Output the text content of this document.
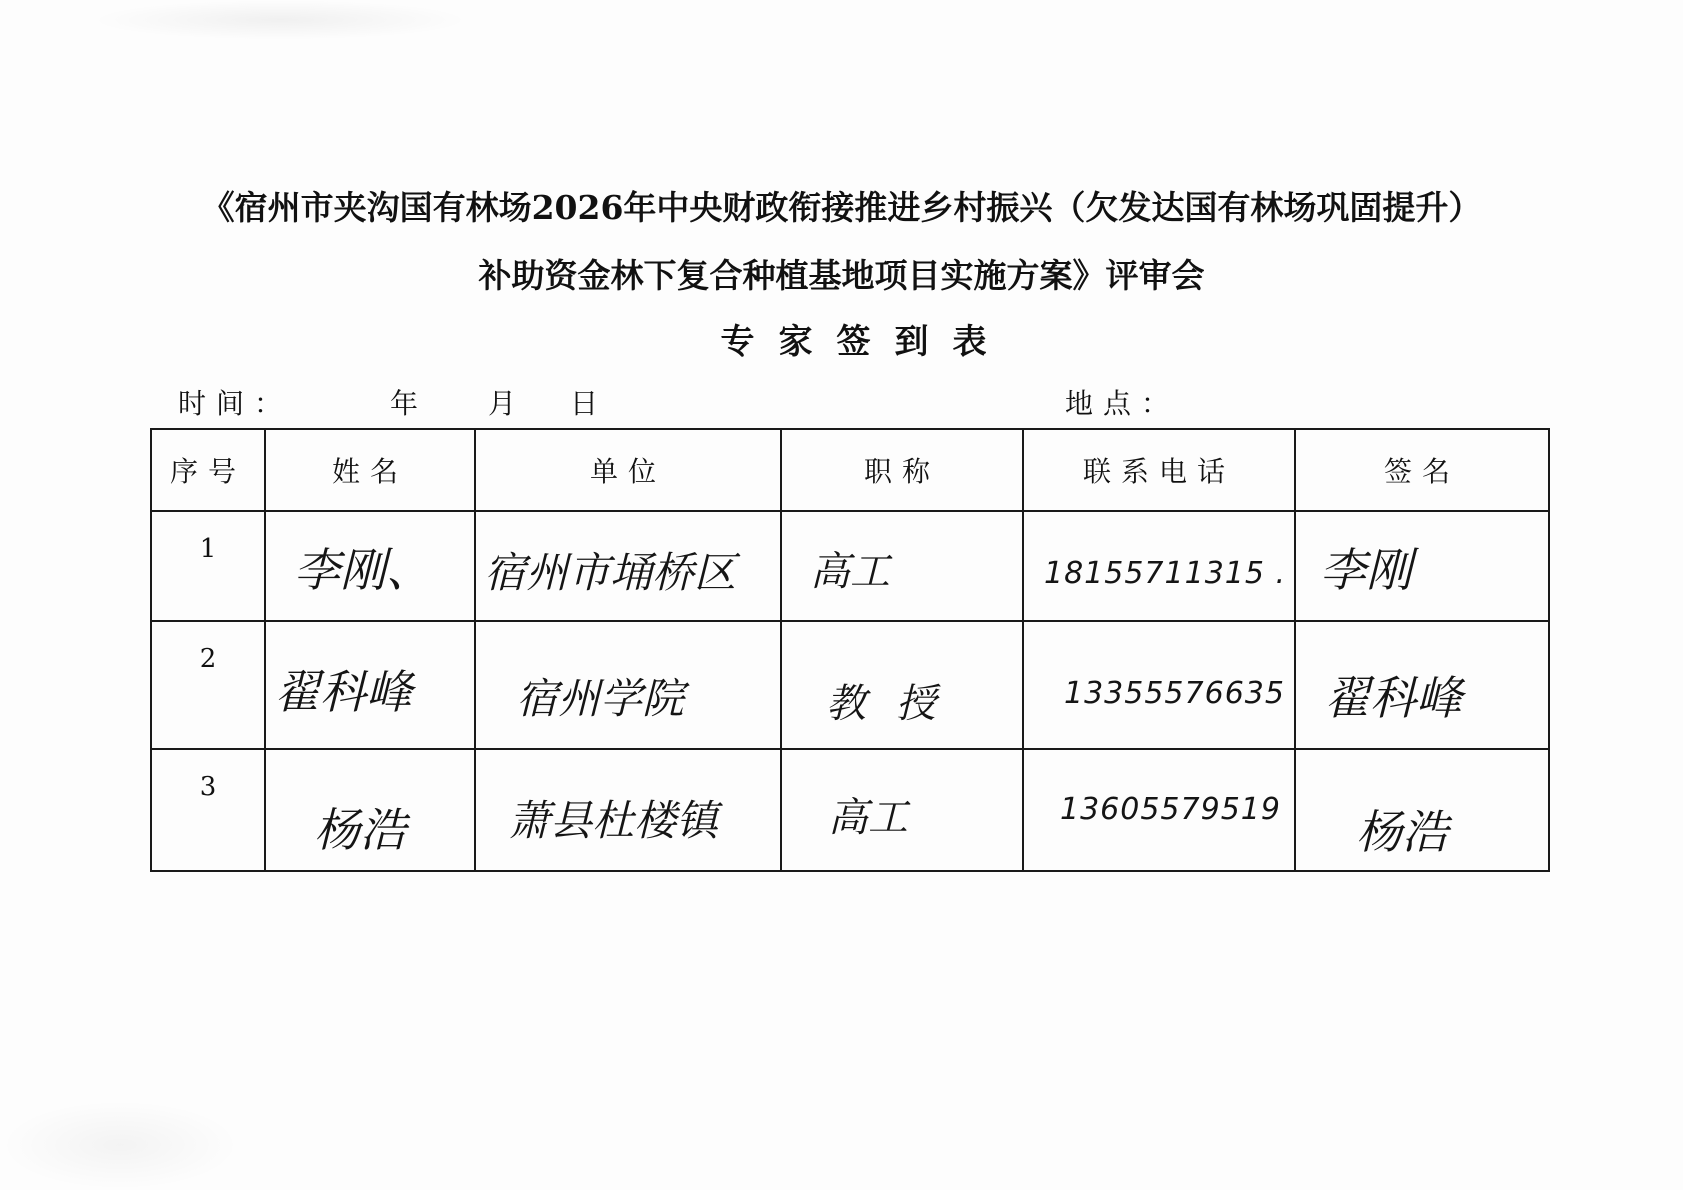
《宿州市夹沟国有林场2026年中央财政衔接推进乡村振兴（欠发达国有林场巩固提升）
补助资金林下复合种植基地项目实施方案》评审会
专家签到表
时间：	年 月 日	地点：
序号	姓名	单位	职称	联系电话	签名

1	李刚、	宿州市埇桥区	高工	18155711315 .	李刚

2	翟科峰	宿州学院	教授	13355576635	翟科峰

3	杨浩	萧县杜楼镇	高工	13605579519	杨浩
